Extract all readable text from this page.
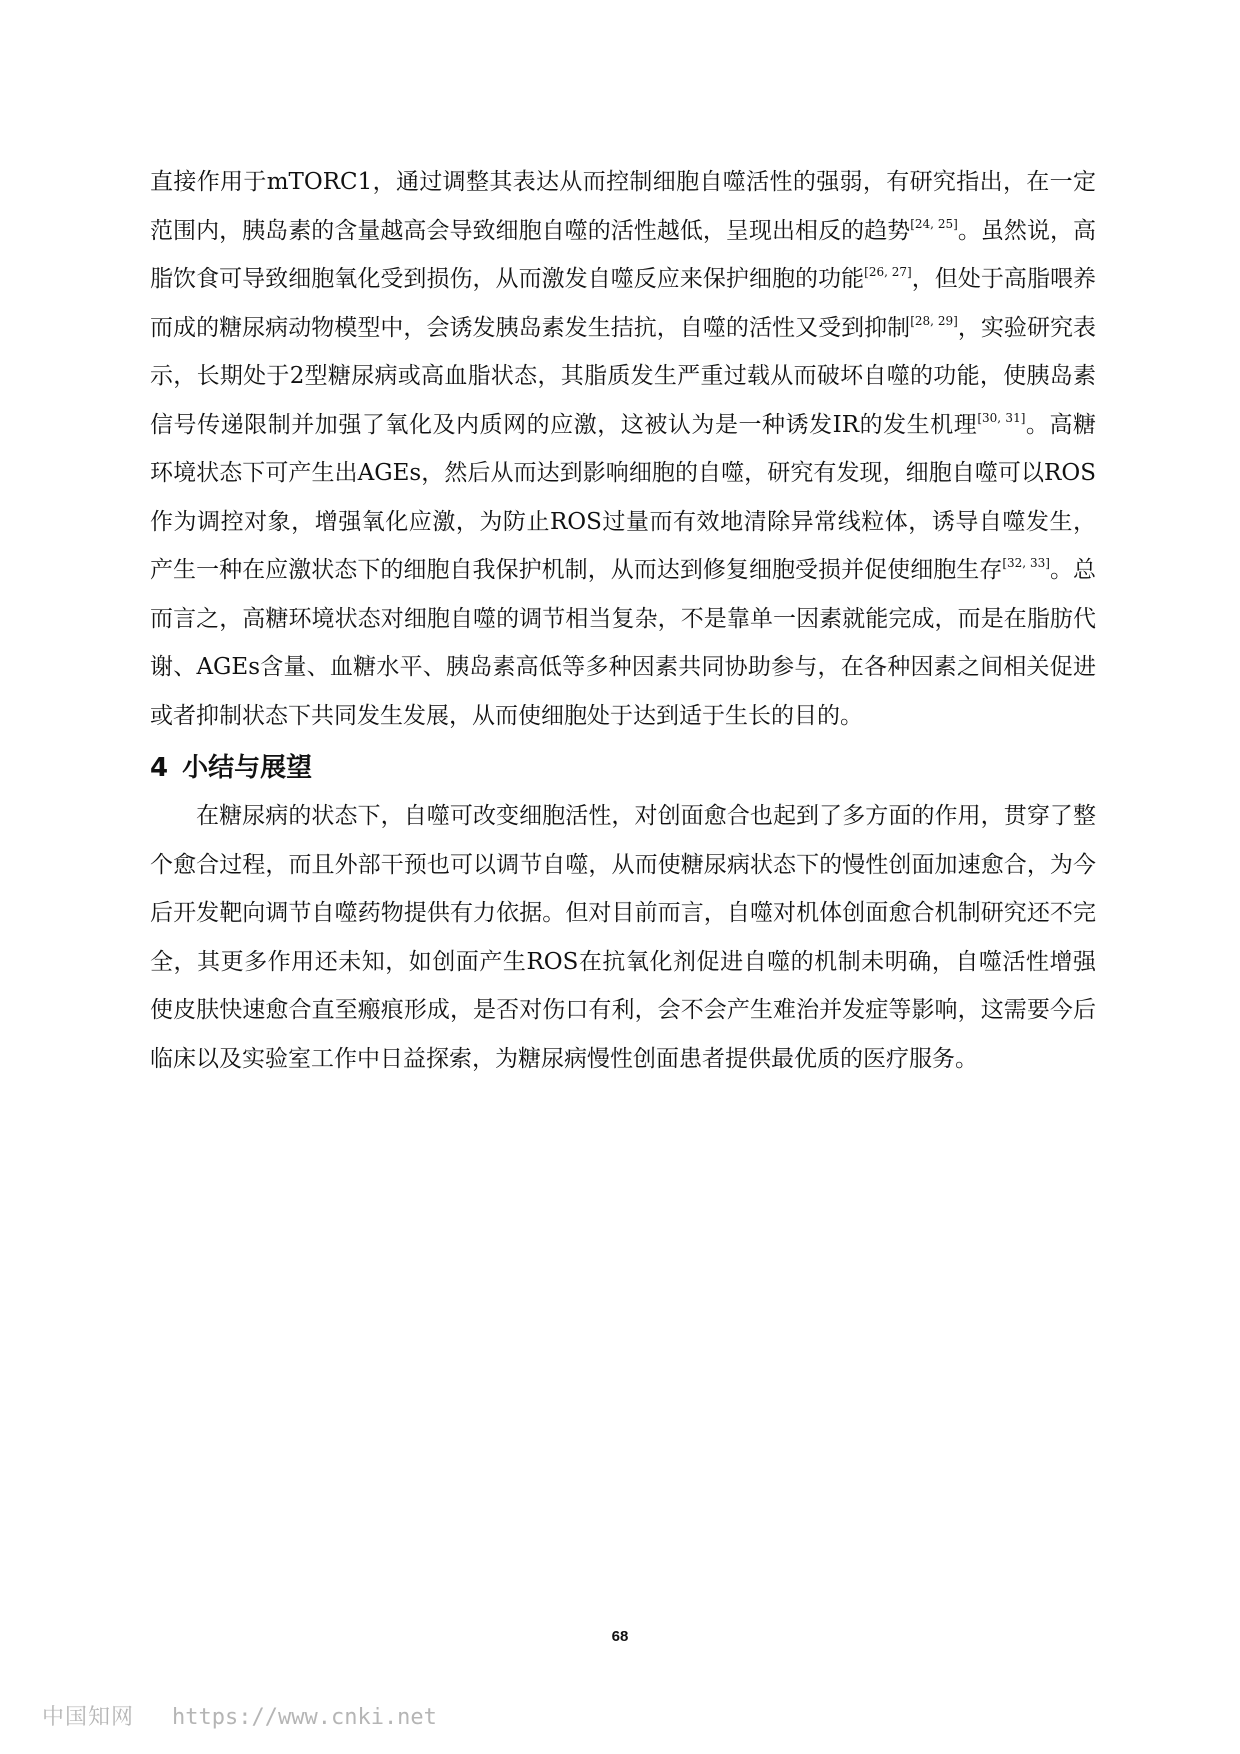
直接作用于mTORC1，通过调整其表达从而控制细胞自噬活性的强弱，有研究指出，在一定范围内，胰岛素的含量越高会导致细胞自噬的活性越低，呈现出相反的趋势[24, 25]。虽然说，高脂饮食可导致细胞氧化受到损伤，从而激发自噬反应来保护细胞的功能[26, 27]，但处于高脂喂养而成的糖尿病动物模型中，会诱发胰岛素发生拮抗，自噬的活性又受到抑制[28, 29]，实验研究表示，长期处于2型糖尿病或高血脂状态，其脂质发生严重过载从而破坏自噬的功能，使胰岛素信号传递限制并加强了氧化及内质网的应激，这被认为是一种诱发IR的发生机理[30, 31]。高糖环境状态下可产生出AGEs，然后从而达到影响细胞的自噬，研究有发现，细胞自噬可以ROS作为调控对象，增强氧化应激，为防止ROS过量而有效地清除异常线粒体，诱导自噬发生，产生一种在应激状态下的细胞自我保护机制，从而达到修复细胞受损并促使细胞生存[32, 33]。总而言之，高糖环境状态对细胞自噬的调节相当复杂，不是靠单一因素就能完成，而是在脂肪代谢、AGEs含量、血糖水平、胰岛素高低等多种因素共同协助参与，在各种因素之间相关促进或者抑制状态下共同发生发展，从而使细胞处于达到适于生长的目的。

4 小结与展望

在糖尿病的状态下，自噬可改变细胞活性，对创面愈合也起到了多方面的作用，贯穿了整个愈合过程，而且外部干预也可以调节自噬，从而使糖尿病状态下的慢性创面加速愈合，为今后开发靶向调节自噬药物提供有力依据。但对目前而言，自噬对机体创面愈合机制研究还不完全，其更多作用还未知，如创面产生ROS在抗氧化剂促进自噬的机制未明确，自噬活性增强使皮肤快速愈合直至瘢痕形成，是否对伤口有利，会不会产生难治并发症等影响，这需要今后临床以及实验室工作中日益探索，为糖尿病慢性创面患者提供最优质的医疗服务。

68
中国知网 https://www.cnki.net
